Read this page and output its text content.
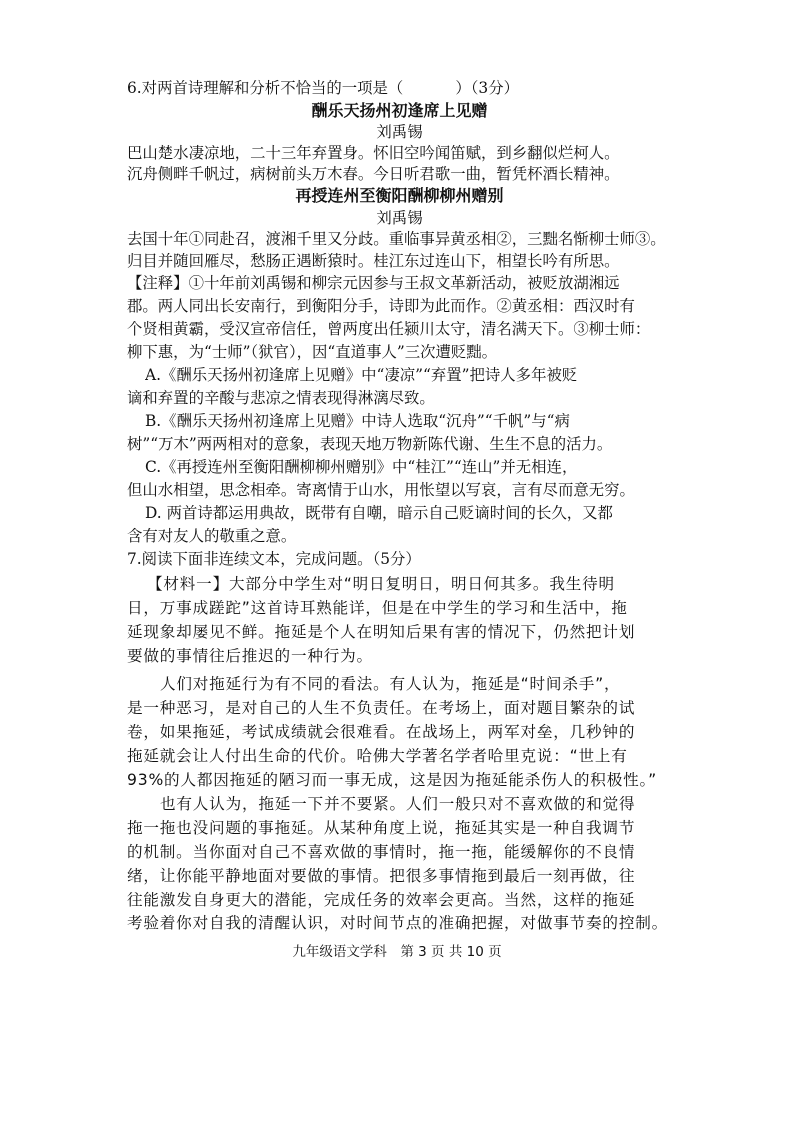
6.对两首诗理解和分析不恰当的一项是（	）（3分）
酬乐天扬州初逢席上见赠
刘禹锡
巴山楚水凄凉地，二十三年弃置身。怀旧空吟闻笛赋，到乡翻似烂柯人。
沉舟侧畔千帆过，病树前头万木春。今日听君歌一曲，暂凭杯酒长精神。
再授连州至衡阳酬柳柳州赠别
刘禹锡
去国十年①同赴召，渡湘千里又分歧。重临事异黄丞相②，三黜名惭柳士师③。
归目并随回雁尽，愁肠正遇断猿时。桂江东过连山下，相望长吟有所思。
【注释】①十年前刘禹锡和柳宗元因参与王叔文革新活动，被贬放湖湘远
郡。两人同出长安南行，到衡阳分手，诗即为此而作。②黄丞相：西汉时有
个贤相黄霸，受汉宣帝信任，曾两度出任颍川太守，清名满天下。③柳士师：
柳下惠，为“士师”（狱官），因“直道事人”三次遭贬黜。
A.《酬乐天扬州初逢席上见赠》中“凄凉”“弃置”把诗人多年被贬
谪和弃置的辛酸与悲凉之情表现得淋漓尽致。
B.《酬乐天扬州初逢席上见赠》中诗人选取“沉舟”“千帆”与“病
树”“万木”两两相对的意象，表现天地万物新陈代谢、生生不息的活力。
C.《再授连州至衡阳酬柳柳州赠别》中“桂江”“连山”并无相连，
但山水相望，思念相牵。寄离情于山水，用怅望以写哀，言有尽而意无穷。
D. 两首诗都运用典故，既带有自嘲，暗示自己贬谪时间的长久，又都
含有对友人的敬重之意。
7.阅读下面非连续文本，完成问题。（5分）
【材料一】大部分中学生对“明日复明日，明日何其多。我生待明
日，万事成蹉跎”这首诗耳熟能详，但是在中学生的学习和生活中，拖
延现象却屡见不鲜。拖延是个人在明知后果有害的情况下，仍然把计划
要做的事情往后推迟的一种行为。
人们对拖延行为有不同的看法。有人认为，拖延是“时间杀手”，
是一种恶习，是对自己的人生不负责任。在考场上，面对题目繁杂的试
卷，如果拖延，考试成绩就会很难看。在战场上，两军对垒，几秒钟的
拖延就会让人付出生命的代价。哈佛大学著名学者哈里克说：“世上有
93%的人都因拖延的陋习而一事无成，这是因为拖延能杀伤人的积极性。”
也有人认为，拖延一下并不要紧。人们一般只对不喜欢做的和觉得
拖一拖也没问题的事拖延。从某种角度上说，拖延其实是一种自我调节
的机制。当你面对自己不喜欢做的事情时，拖一拖，能缓解你的不良情
绪，让你能平静地面对要做的事情。把很多事情拖到最后一刻再做，往
往能激发自身更大的潜能，完成任务的效率会更高。当然，这样的拖延
考验着你对自我的清醒认识，对时间节点的准确把握，对做事节奏的控制。
九年级语文学科　第 3 页 共 10 页
